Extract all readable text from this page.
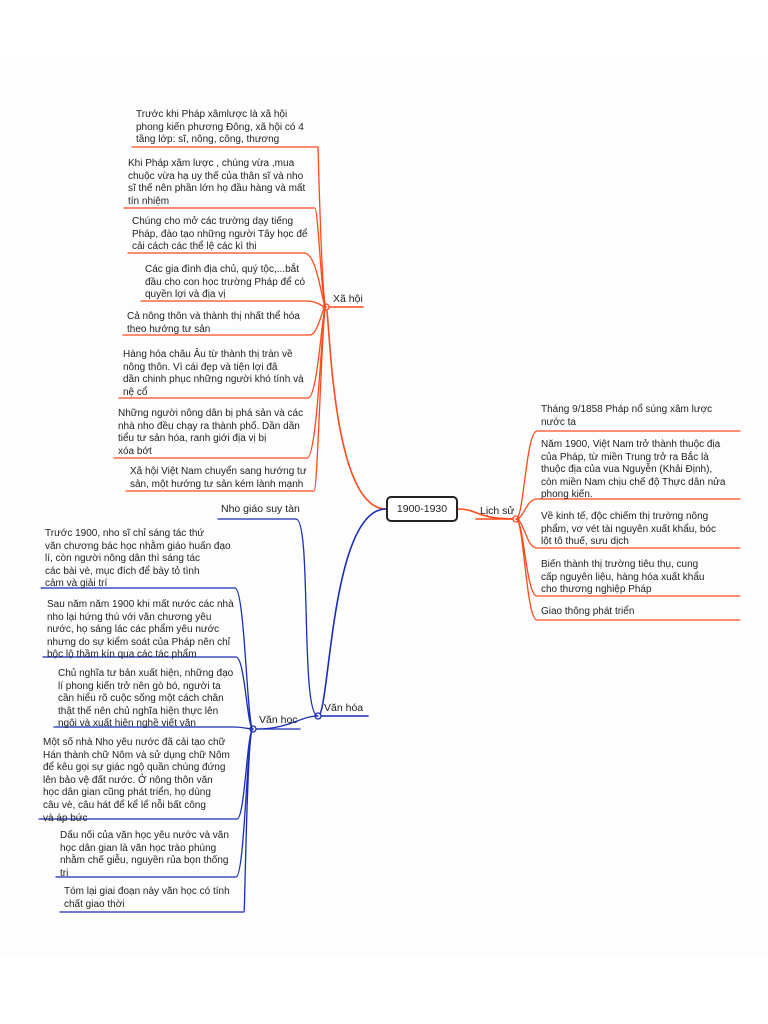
1900-1930
Xã hội
Trước khi Pháp xâmlược là xã hội
phong kiến phương Đông, xã hội có 4
tầng lớp: sĩ, nông, công, thương
Khi Pháp xâm lược , chúng vừa ,mua
chuộc vừa hạ uy thế của thân sĩ và nho
sĩ thế nên phần lớn họ đầu hàng và mất
tín nhiệm
Chúng cho mở các trường dạy tiếng
Pháp, đào tạo những người Tây học để
cải cách các thể lệ các kì thi
Các gia đình địa chủ, quý tộc,...bắt
đầu cho con học trường Pháp để có
quyền lợi và địa vị
Cả nông thôn và thành thị nhất thể hóa
theo hướng tư sản
Hàng hóa châu Âu từ thành thị tràn về
nông thôn. Vì cái đẹp và tiện lợi đã
dần chinh phục những người khó tính và
nệ cổ
Những người nông dân bị phá sản và các
nhà nho đều chạy ra thành phố. Dần dần
tiểu tư sản hóa, ranh giới địa vị bị
xóa bớt
Xã hội Việt Nam chuyển sang hướng tư
sản, một hướng tư sản kém lành mạnh
Lịch sử
Tháng 9/1858 Pháp nổ súng xâm lược
nước ta
Năm 1900, Việt Nam trở thành thuộc địa
của Pháp, từ miền Trung trở ra Bắc là
thuộc địa của vua Nguyễn (Khải Định),
còn miền Nam chịu chế độ Thực dân nửa
phong kiến.
Về kinh tế, độc chiếm thị trường nông
phẩm, vơ vét tài nguyên xuất khẩu, bóc
lột tô thuế, sưu dịch
Biến thành thị trường tiêu thụ, cung
cấp nguyên liệu, hàng hóa xuất khẩu
cho thương nghiệp Pháp
Giao thông phát triển
Văn hóa
Nho giáo suy tàn
Văn học
Trước 1900, nho sĩ chỉ sáng tác thứ
văn chương bác học nhằm giáo huấn đạo
lí, còn người nông dân thì sáng tác
các bài vè, mục đích để bày tỏ tình
cảm và giải trí
Sau năm năm 1900 khi mất nước các nhà
nho lại hứng thú với văn chương yêu
nước, họ sáng lác các phẩm yêu nước
nhưng do sự kiểm soát của Pháp nên chỉ
bộc lộ thầm kín qua các tác phẩm
Chủ nghĩa tư bản xuất hiện, những đạo
lí phong kiến trở nên gò bó, người ta
cần hiểu rõ cuộc sống một cách chân
thật thế nên chủ nghĩa hiện thực lên
ngôi và xuất hiện nghề viết văn
Một số nhà Nho yêu nước đã cải tạo chữ
Hán thành chữ Nôm và sử dụng chữ Nôm
để kêu gọi sự giác ngộ quần chúng đứng
lên bảo vệ đất nước. Ở nông thôn văn
học dân gian cũng phát triển, họ dùng
câu vè, câu hát để kể lể nỗi bất công
và áp bức
Dấu nối của văn học yêu nước và văn
học dân gian là văn học trào phúng
nhằm chế giễu, nguyền rủa bọn thống
trị
Tóm lại giai đoạn này văn học có tính
chất giao thời
